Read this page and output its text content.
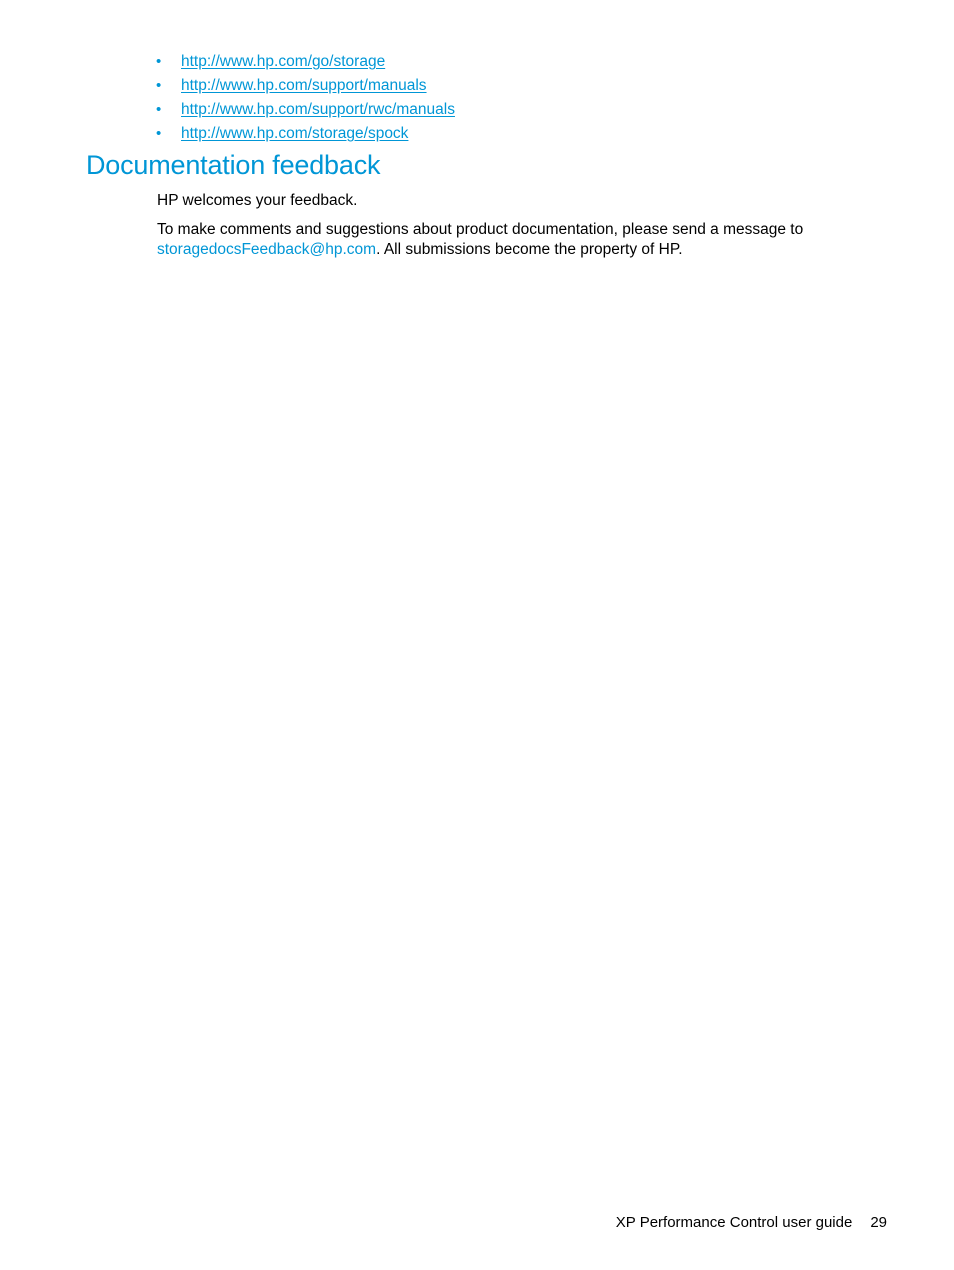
• http://www.hp.com/go/storage
• http://www.hp.com/support/manuals
• http://www.hp.com/support/rwc/manuals
• http://www.hp.com/storage/spock
Documentation feedback

HP welcomes your feedback.

To make comments and suggestions about product documentation, please send a message to
storagedocsFeedback@hp.com. All submissions become the property of HP.

XP Performance Control user guide 29
